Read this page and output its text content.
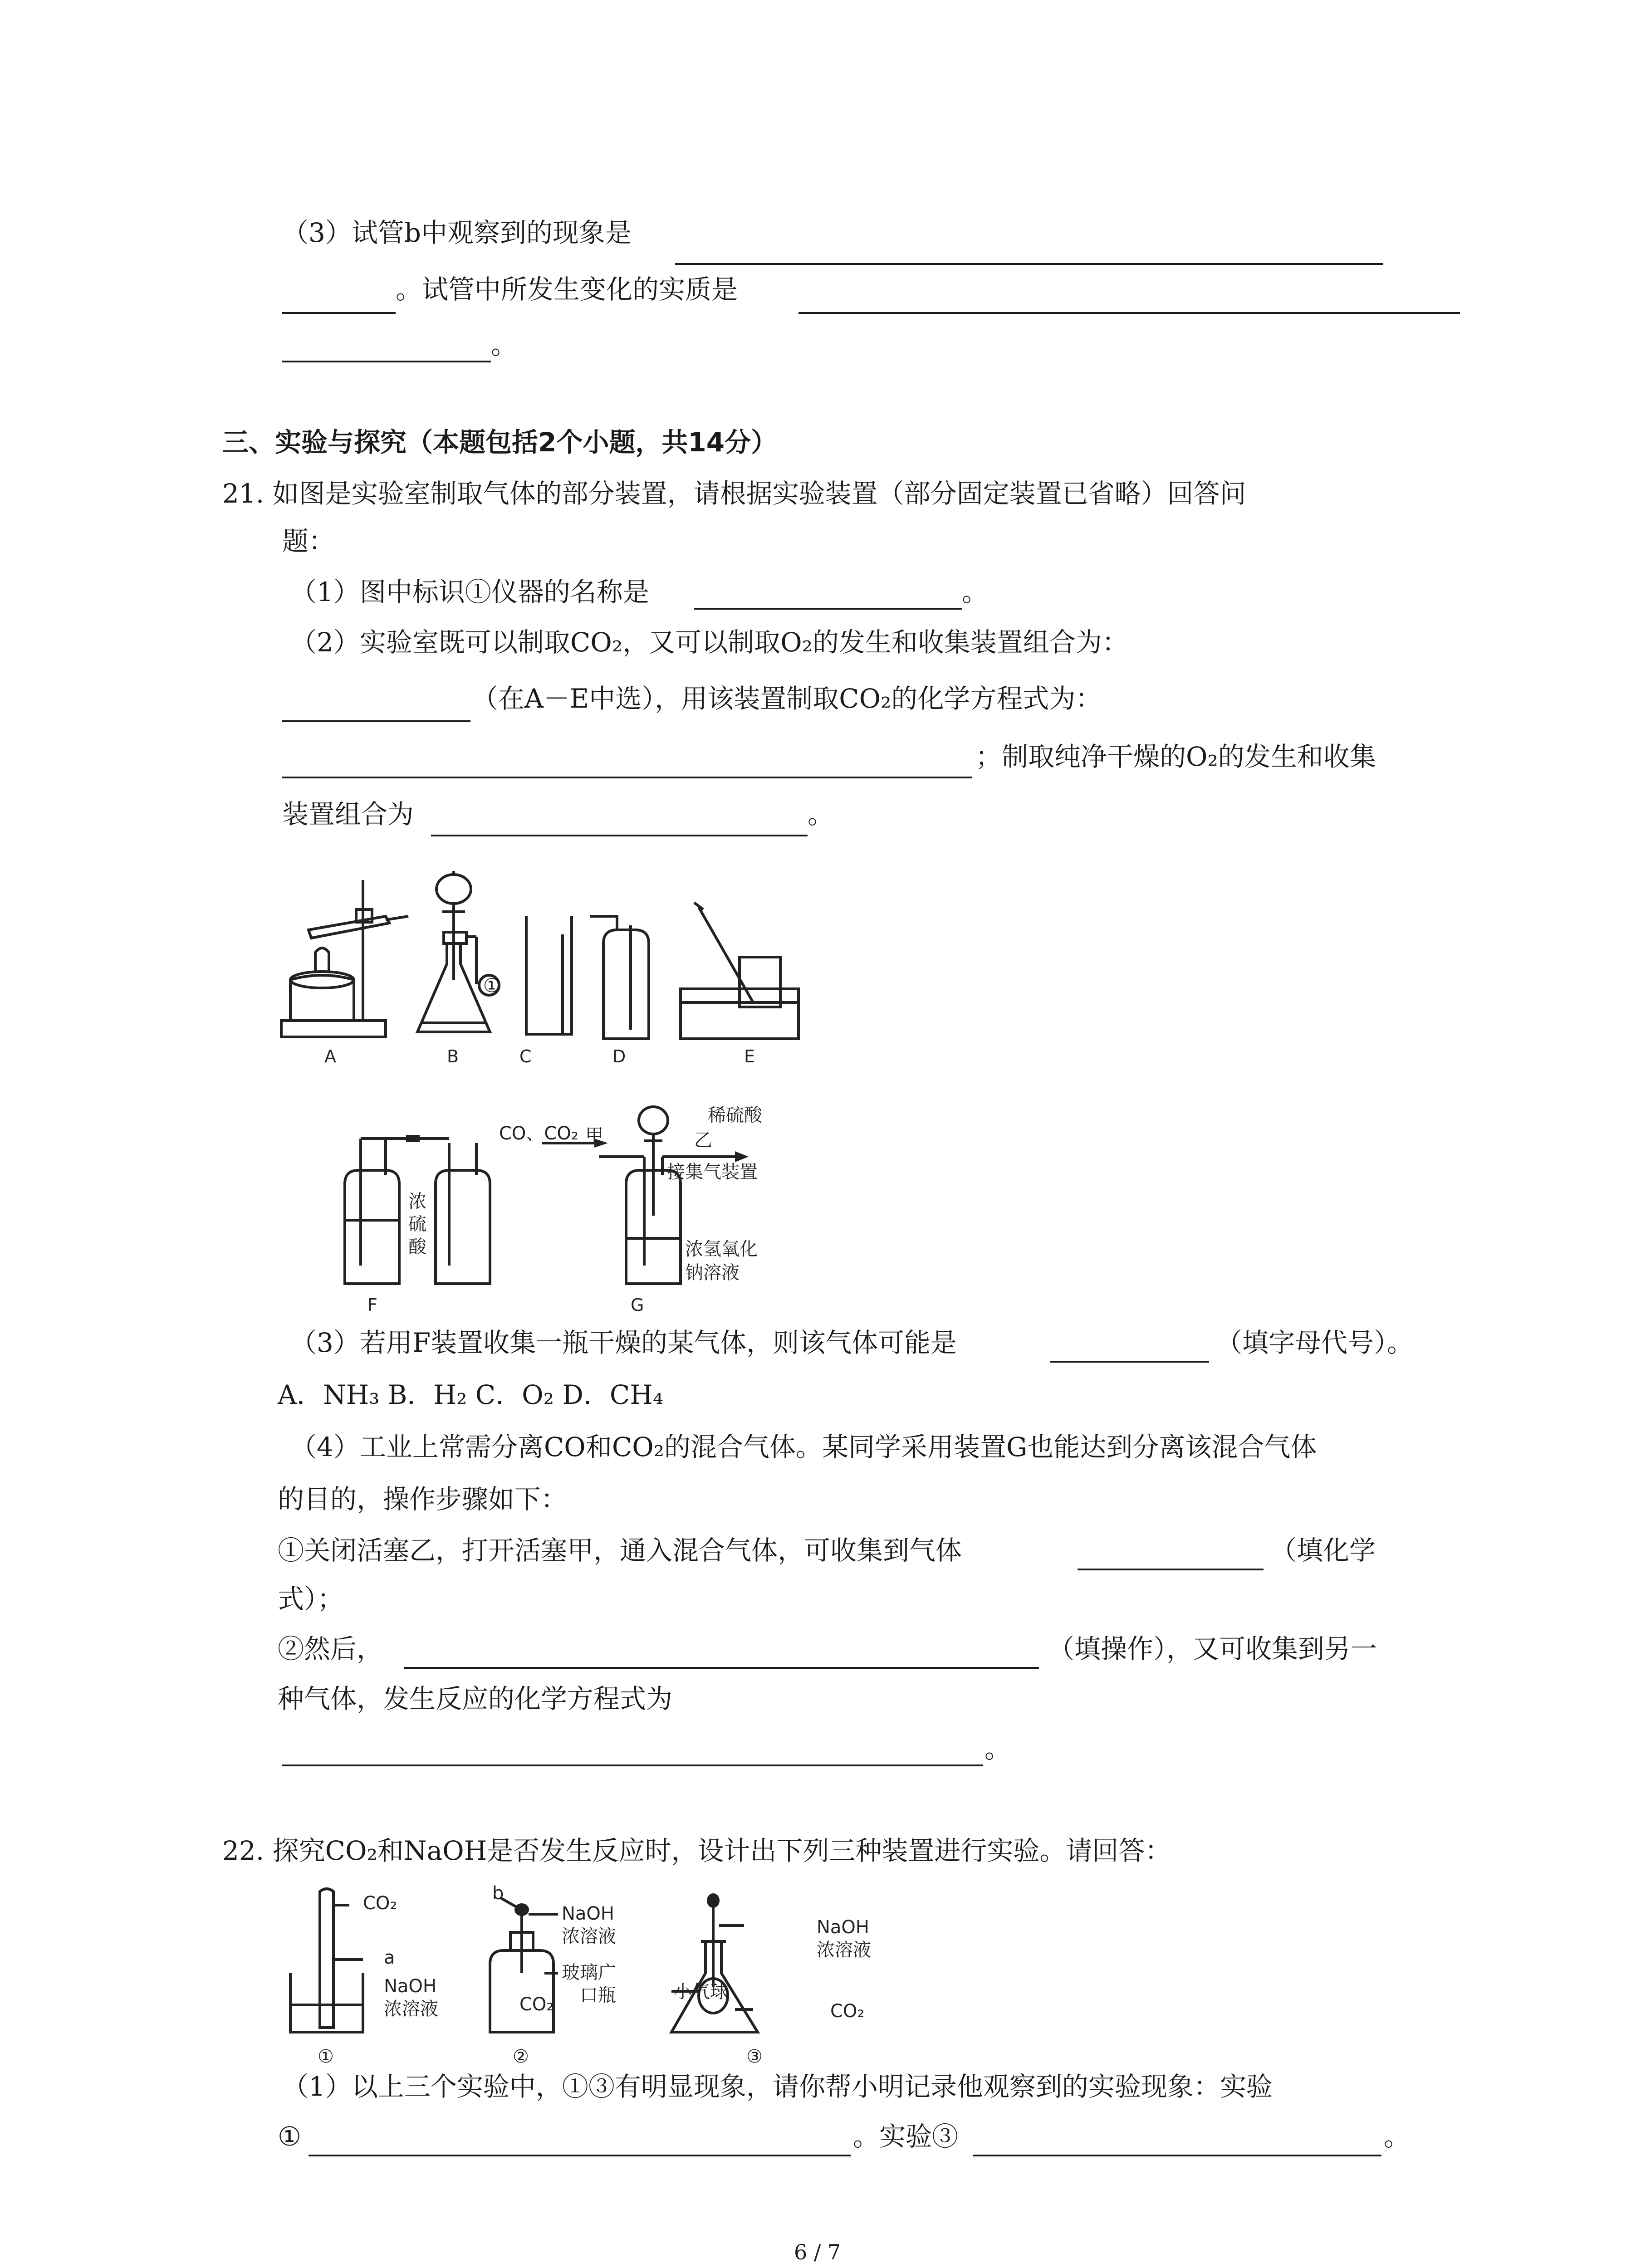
（3）试管b中观察到的现象是
。试管中所发生变化的实质是
。
三、实验与探究（本题包括2个小题，共14分）
21. 如图是实验室制取气体的部分装置，请根据实验装置（部分固定装置已省略）回答问
题：
（1）图中标识①仪器的名称是	。
（2）实验室既可以制取CO₂，又可以制取O₂的发生和收集装置组合为：
（在A－E中选），用该装置制取CO₂的化学方程式为：
；制取纯净干燥的O₂的发生和收集
装置组合为	。
A	B	C	D	E
①
CO、CO₂ 甲	乙
稀硫酸
接集气装置
浓
硫
酸	浓氢氧化
钠溶液
F	G
（3）若用F装置收集一瓶干燥的某气体，则该气体可能是	（填字母代号）。
A．NH₃ B．H₂ C．O₂ D．CH₄
（4）工业上常需分离CO和CO₂的混合气体。某同学采用装置G也能达到分离该混合气体
的目的，操作步骤如下：
①关闭活塞乙，打开活塞甲，通入混合气体，可收集到气体	（填化学
式）；
②然后，	（填操作），又可收集到另一
种气体，发生反应的化学方程式为
。
22. 探究CO₂和NaOH是否发生反应时，设计出下列三种装置进行实验。请回答：
CO₂
a
NaOH
浓溶液
b
NaOH
浓溶液
玻璃广
口瓶
CO₂
NaOH
浓溶液
小气球
CO₂
①	②	③
（1）以上三个实验中，①③有明显现象，请你帮小明记录他观察到的实验现象：实验
①	。实验③	。
6 / 7
